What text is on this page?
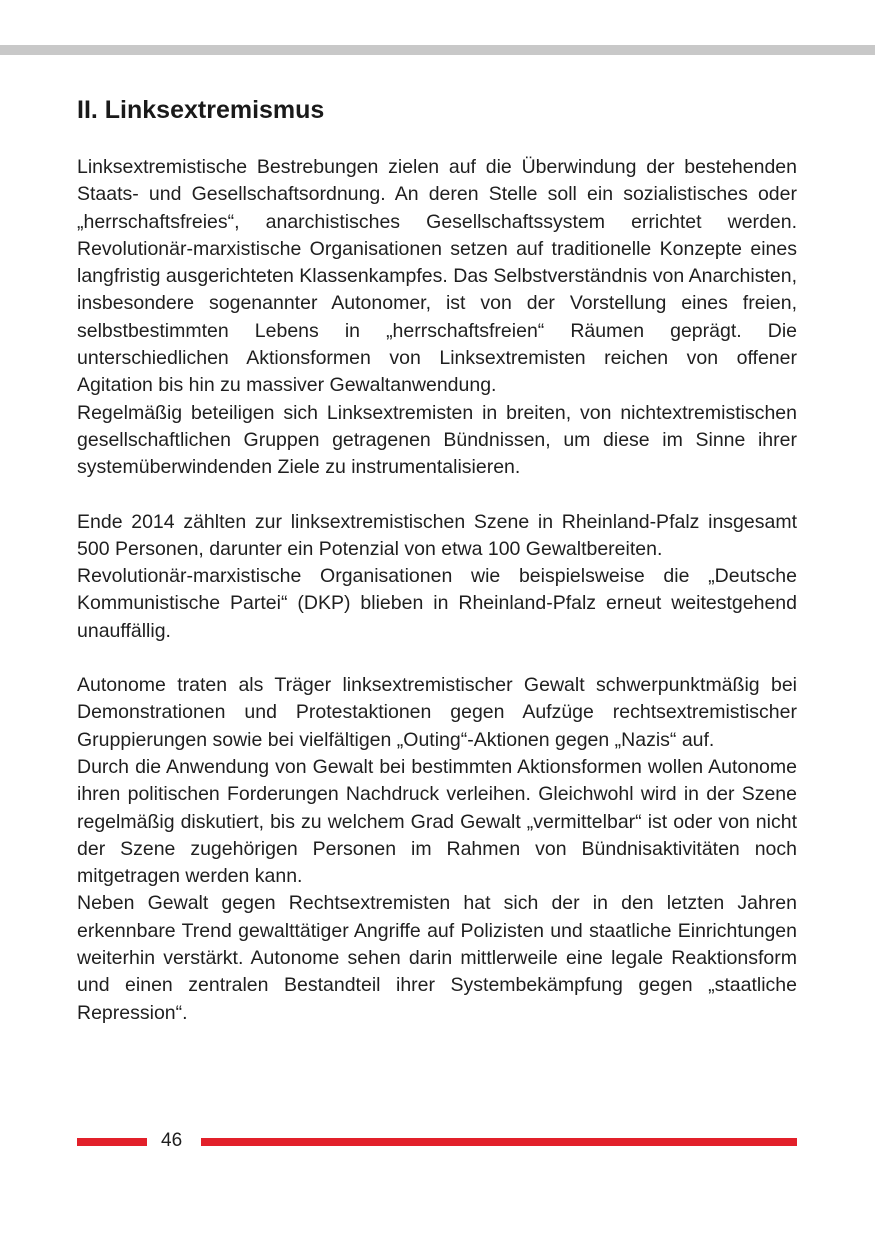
II. Linksextremismus

Linksextremistische Bestrebungen zielen auf die Überwindung der bestehenden Staats- und Gesellschaftsordnung. An deren Stelle soll ein sozialistisches oder „herrschaftsfreies“, anarchistisches Gesellschaftssystem errichtet werden. Revolutionär-marxistische Organisationen setzen auf traditionelle Konzepte eines langfristig ausgerichteten Klassenkampfes. Das Selbstverständnis von Anarchisten, insbesondere sogenannter Autonomer, ist von der Vorstellung eines freien, selbstbestimmten Lebens in „herrschaftsfreien“ Räumen geprägt. Die unterschiedlichen Aktionsformen von Linksextremisten reichen von offener Agitation bis hin zu massiver Gewaltanwendung.

Regelmäßig beteiligen sich Linksextremisten in breiten, von nichtextremistischen gesellschaftlichen Gruppen getragenen Bündnissen, um diese im Sinne ihrer systemüberwindenden Ziele zu instrumentalisieren.

Ende 2014 zählten zur linksextremistischen Szene in Rheinland-Pfalz insgesamt 500 Personen, darunter ein Potenzial von etwa 100 Gewaltbereiten.

Revolutionär-marxistische Organisationen wie beispielsweise die „Deutsche Kommunistische Partei“ (DKP) blieben in Rheinland-Pfalz erneut weitestgehend unauffällig.

Autonome traten als Träger linksextremistischer Gewalt schwerpunktmäßig bei Demonstrationen und Protestaktionen gegen Aufzüge rechtsextremistischer Gruppierungen sowie bei vielfältigen „Outing“-Aktionen gegen „Nazis“ auf.

Durch die Anwendung von Gewalt bei bestimmten Aktionsformen wollen Autonome ihren politischen Forderungen Nachdruck verleihen. Gleichwohl wird in der Szene regelmäßig diskutiert, bis zu welchem Grad Gewalt „vermittelbar“ ist oder von nicht der Szene zugehörigen Personen im Rahmen von Bündnisaktivitäten noch mitgetragen werden kann.

Neben Gewalt gegen Rechtsextremisten hat sich der in den letzten Jahren erkennbare Trend gewalttätiger Angriffe auf Polizisten und staatliche Einrichtungen weiterhin verstärkt. Autonome sehen darin mittlerweile eine legale Reaktionsform und einen zentralen Bestandteil ihrer Systembekämpfung gegen „staatliche Repression“.

46
